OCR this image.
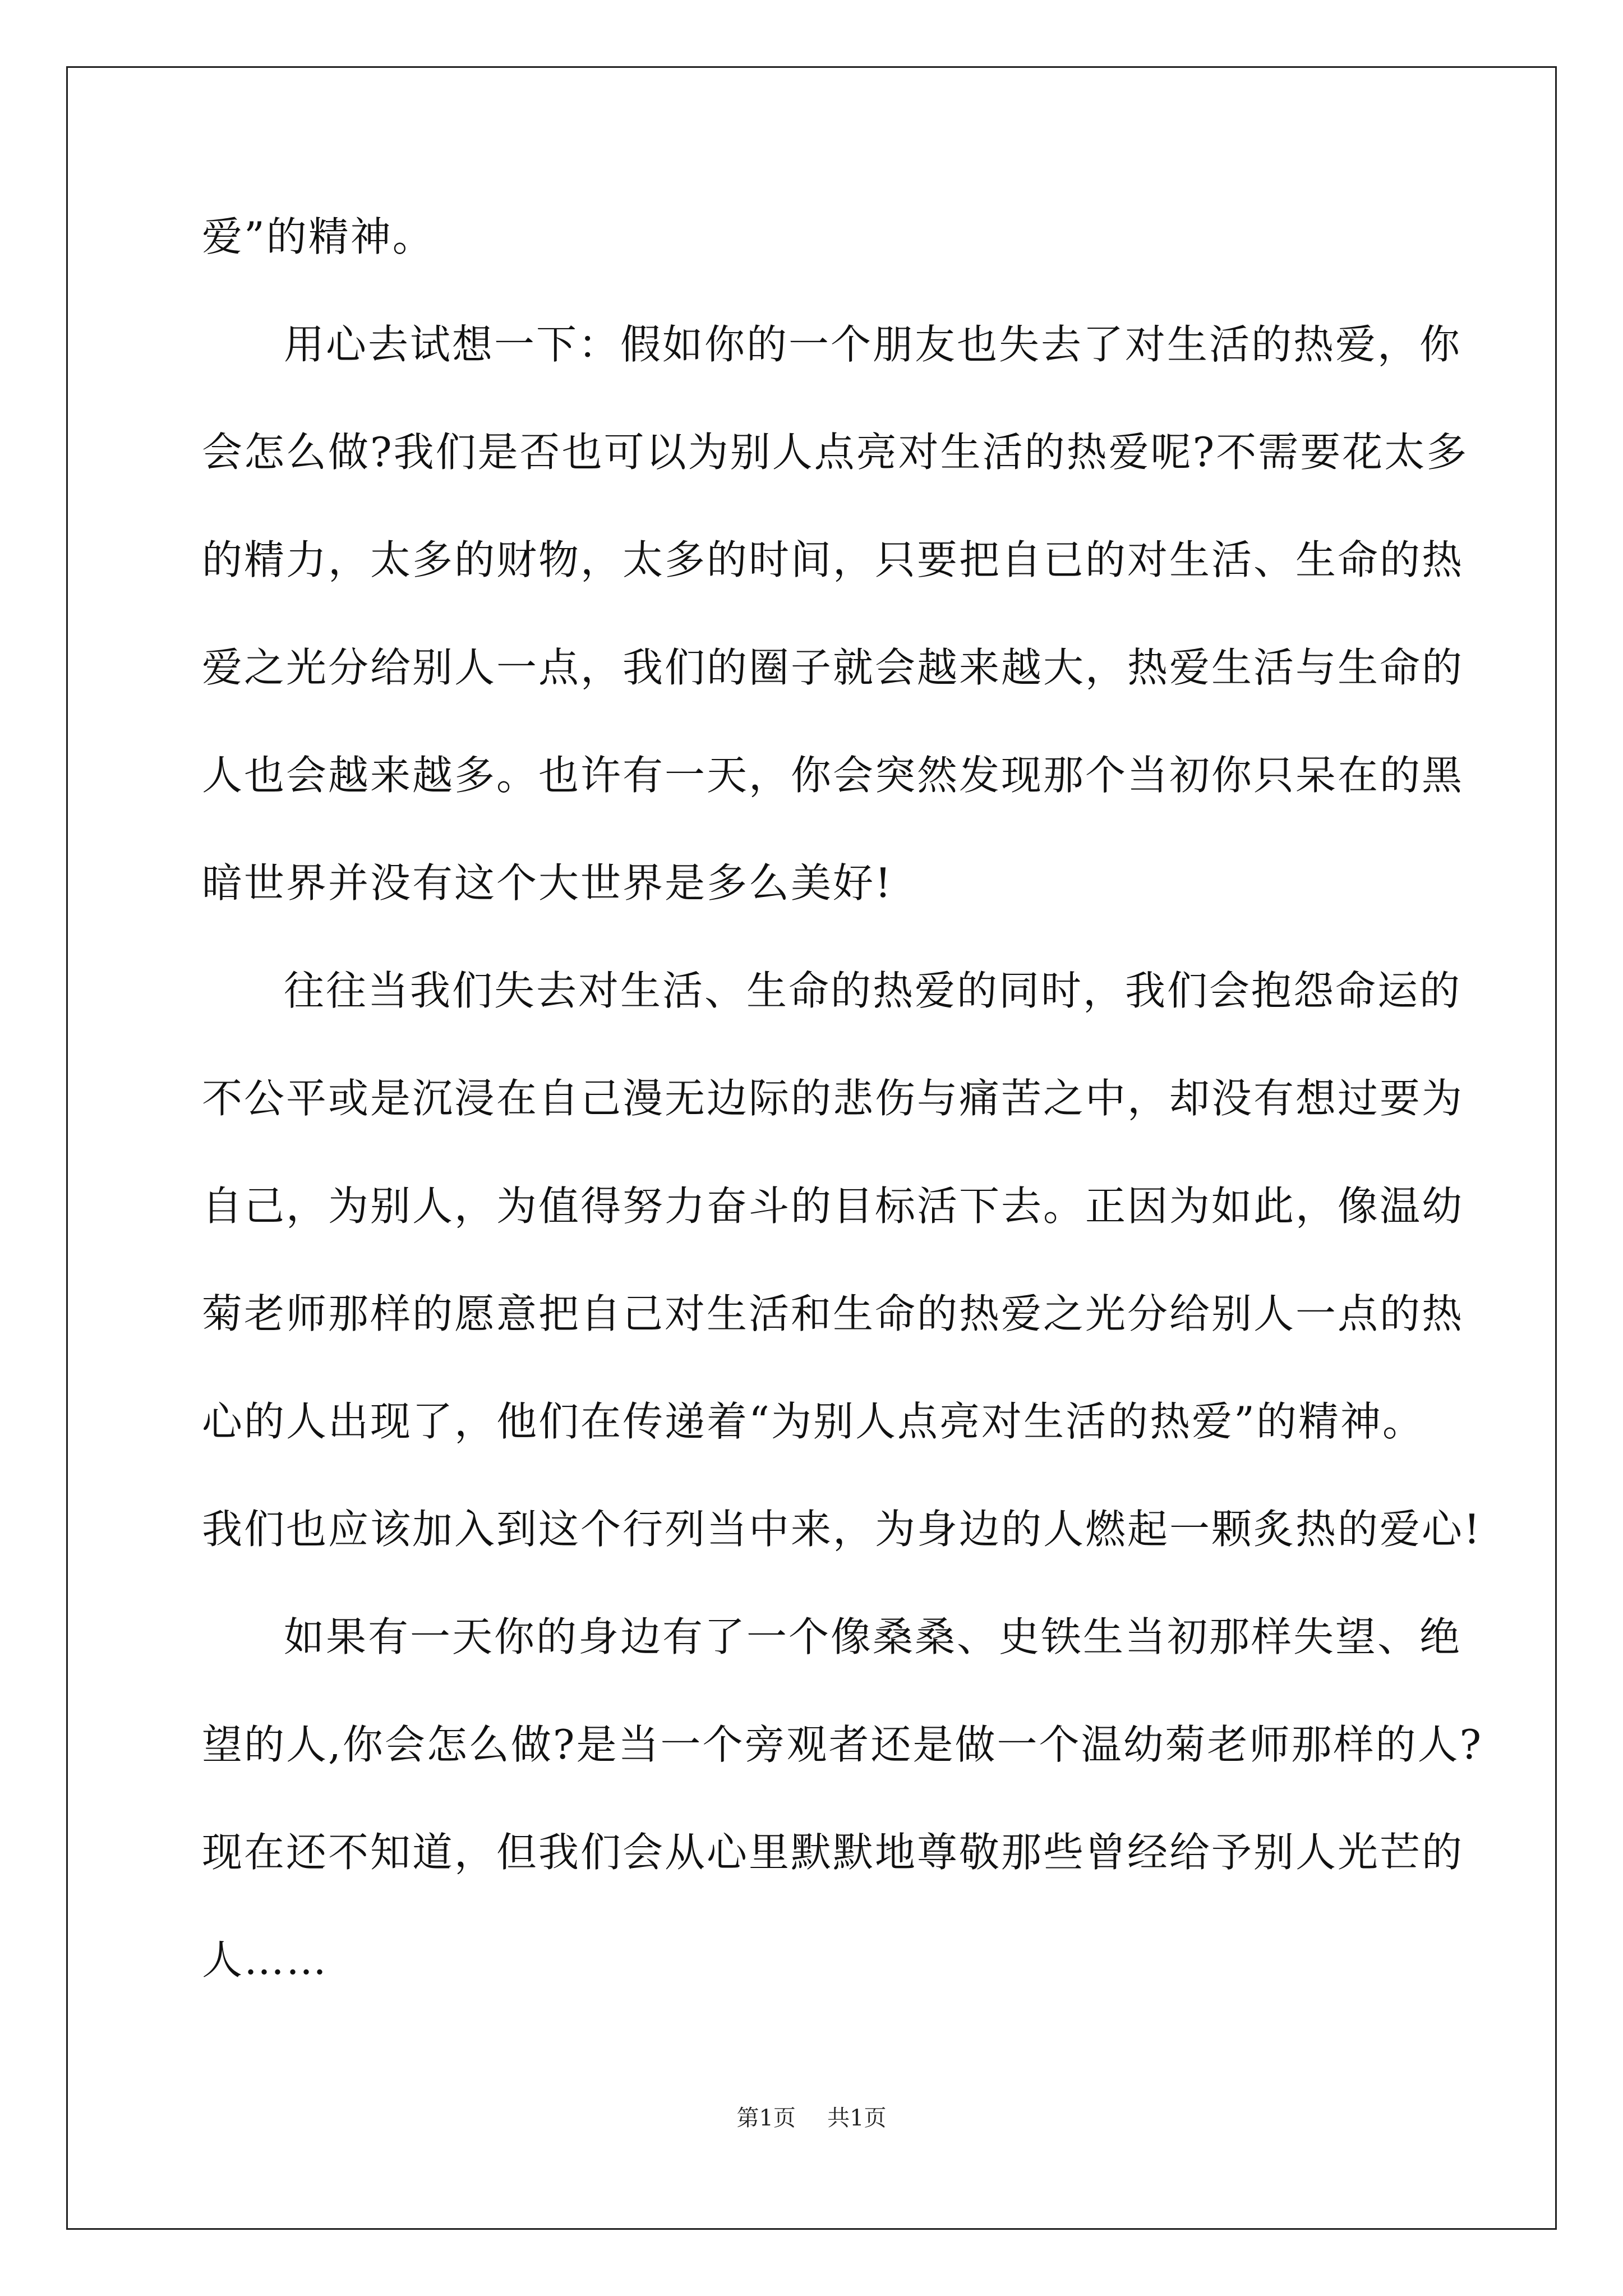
爱”的精神。
用心去试想一下：假如你的一个朋友也失去了对生活的热爱，你
会怎么做?我们是否也可以为别人点亮对生活的热爱呢?不需要花太多
的精力，太多的财物，太多的时间，只要把自已的对生活、生命的热
爱之光分给别人一点，我们的圈子就会越来越大，热爱生活与生命的
人也会越来越多。也许有一天，你会突然发现那个当初你只呆在的黑
暗世界并没有这个大世界是多么美好!
往往当我们失去对生活、生命的热爱的同时，我们会抱怨命运的
不公平或是沉浸在自己漫无边际的悲伤与痛苦之中，却没有想过要为
自己，为别人，为值得努力奋斗的目标活下去。正因为如此，像温幼
菊老师那样的愿意把自己对生活和生命的热爱之光分给别人一点的热
心的人出现了，他们在传递着“为别人点亮对生活的热爱”的精神。
我们也应该加入到这个行列当中来，为身边的人燃起一颗炙热的爱心!
如果有一天你的身边有了一个像桑桑、史铁生当初那样失望、绝
望的人,你会怎么做?是当一个旁观者还是做一个温幼菊老师那样的人?
现在还不知道，但我们会从心里默默地尊敬那些曾经给予别人光芒的
人……
第1页 共1页
